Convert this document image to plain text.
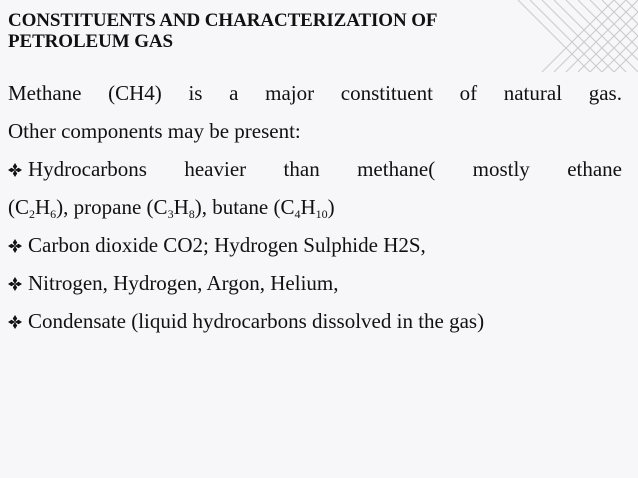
CONSTITUENTS AND CHARACTERIZATION OF
PETROLEUM GAS
Methane (CH4) is a major constituent of natural gas.
Other components may be present:
Hydrocarbons heavier than methane( mostly ethane
$(C_2H_6)$, propane $(C_3H_8)$, butane $(C_4H_{10})$
Carbon dioxide CO2; Hydrogen Sulphide H2S,
Nitrogen, Hydrogen, Argon, Helium,
Condensate (liquid hydrocarbons dissolved in the gas)
